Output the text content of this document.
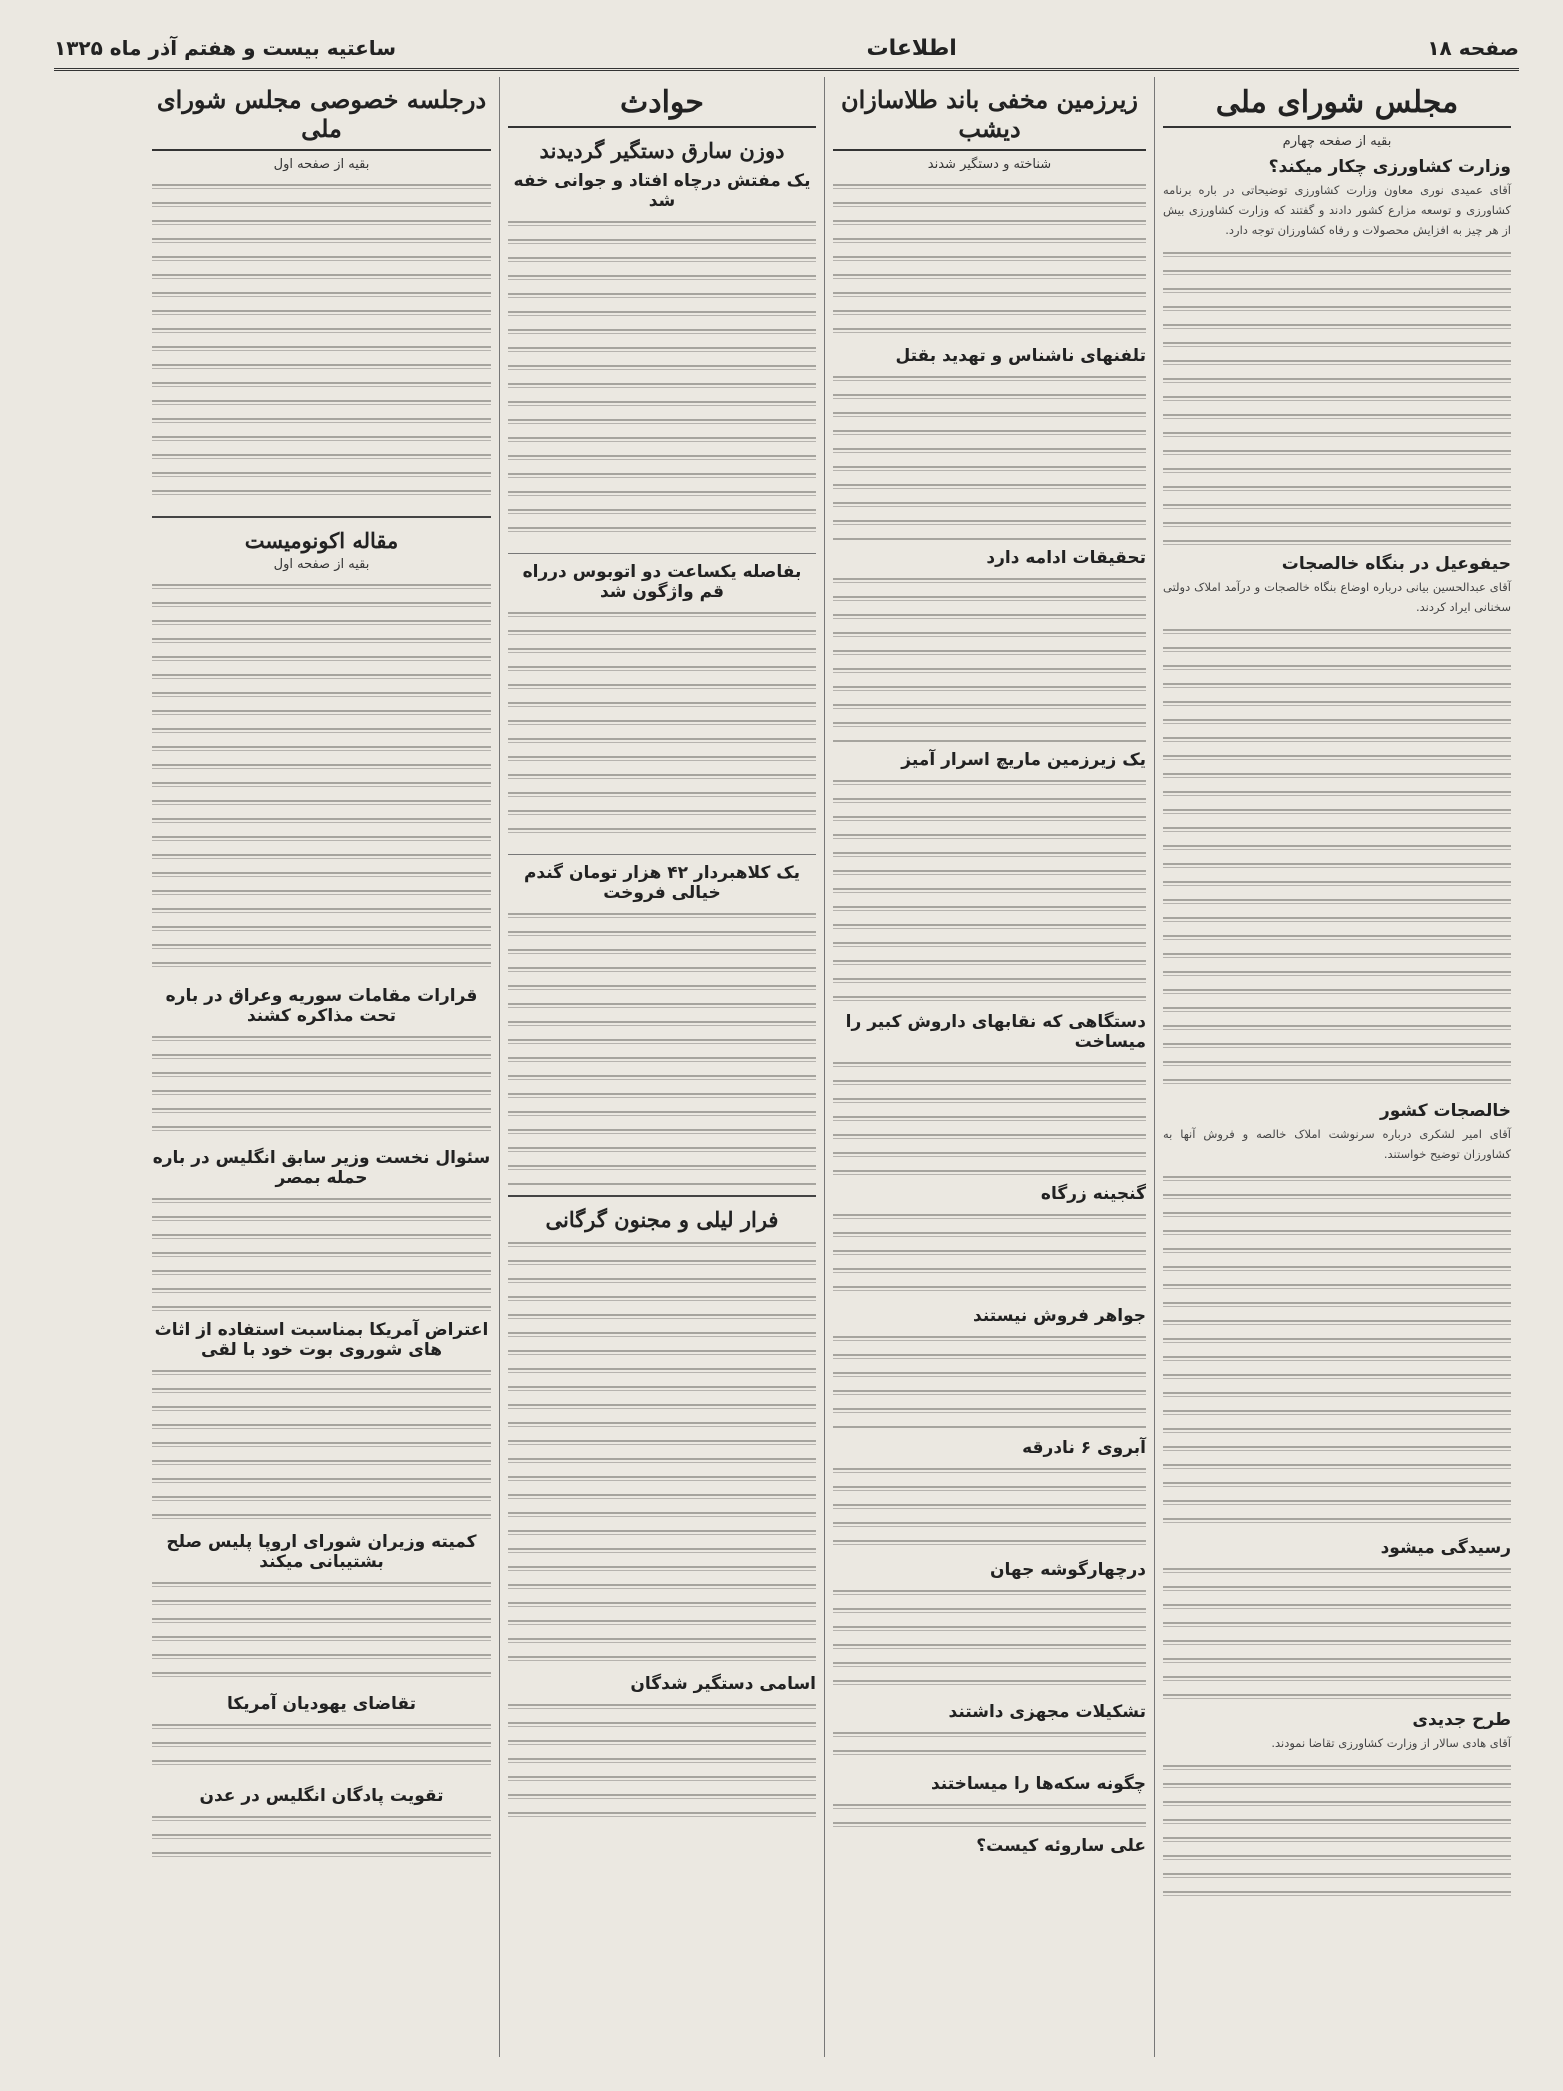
صفحه ۱۸
اطلاعات
ساعتیه بیست و هفتم آذر ماه ۱۳۲۵
مجلس شورای ملی
بقیه از صفحه چهارم
وزارت کشاورزی چکار میکند؟

آقای عمیدی نوری معاون وزارت کشاورزی توضیحاتی در باره برنامه کشاورزی و توسعه مزارع کشور دادند و گفتند که وزارت کشاورزی بیش از هر چیز به افزایش محصولات و رفاه کشاورزان توجه دارد.

حیفوعیل در بنگاه خالصجات

آقای عبدالحسین بیانی درباره اوضاع بنگاه خالصجات و درآمد املاک دولتی سخنانی ایراد کردند.

خالصجات کشور

آقای امیر لشکری درباره سرنوشت املاک خالصه و فروش آنها به کشاورزان توضیح خواستند.

رسیدگی میشود
طرح جدیدی

آقای هادی سالار از وزارت کشاورزی تقاضا نمودند.

زیرزمین مخفی باند طلاسازان دیشب
شناخته و دستگیر شدند
تلفنهای ناشناس و تهدید بقتل
تحقیقات ادامه دارد
یک زیرزمین ماریچ اسرار آمیز
دستگاهی که نقابهای داروش کبیر را میساخت
گنجینه زرگاه
جواهر فروش نیستند
آبروی ۶ نادرقه
درچهارگوشه جهان
تشکیلات مجهزی داشتند
چگونه سکه‌ها را میساختند
علی ساروئه کیست؟
حوادث
دوزن سارق دستگیر گردیدند
یک مفتش درچاه افتاد و جوانی خفه شد
بفاصله یکساعت دو اتوبوس درراه قم واژگون شد
یک کلاهبردار ۴۲ هزار تومان گندم خیالی فروخت
فرار لیلی و مجنون گرگانی
اسامی دستگیر شدگان
درجلسه خصوصی مجلس شورای ملی
بقیه از صفحه اول
مقاله اکونومیست
بقیه از صفحه اول
قرارات مقامات سوریه وعراق در باره تحت مذاکره کشند
سئوال نخست وزیر سابق انگلیس در باره حمله بمصر
اعتراض آمریکا بمناسبت استفاده از اثاث های شوروی بوت خود با لقی
کمیته وزیران شورای اروپا پلیس صلح بشتیبانی میکند
تقاضای یهودیان آمریکا
تقویت پادگان انگلیس در عدن
